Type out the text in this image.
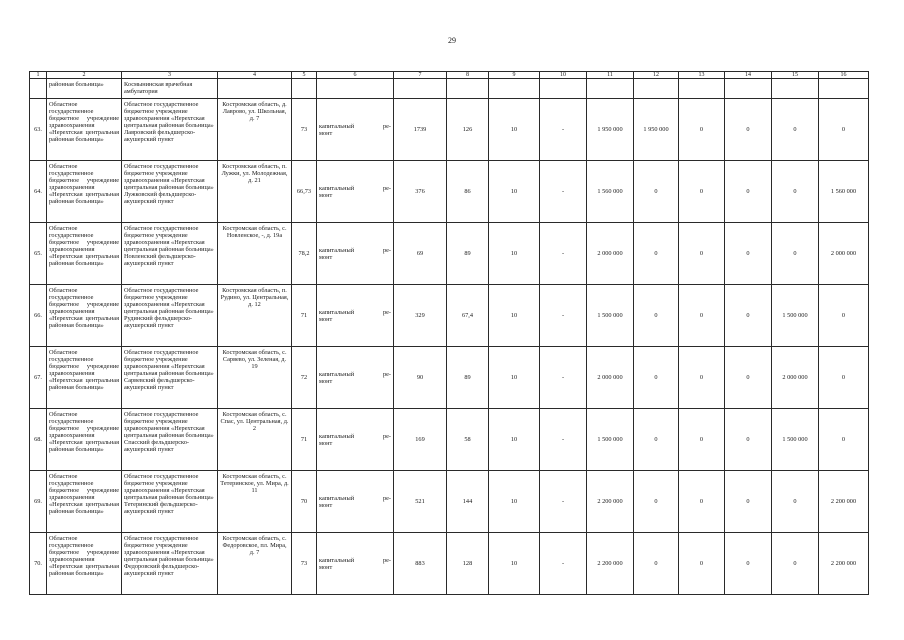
29
1	2	3	4	5	6	7	8	9	10	11	12	13	14	15	16
	районная больница»	Космынинская врачебная амбулатория													
63.	Областное государственное бюджетное учреждение здравоохранения «Нерехтская центральная районная больница»	Областное государственное бюджетное учреждение здравоохранения «Нерехтская центральная районная больница» Лавровский фельдшерско-акушерский пункт	Костромская область, д. Лаврово, ул. Школьная, д. 7	73	капитальный ре-
монт	1739	126	10	-	1 950 000	1 950 000	0	0	0	0
64.	Областное государственное бюджетное учреждение здравоохранения «Нерехтская центральная районная больница»	Областное государственное бюджетное учреждение здравоохранения «Нерехтская центральная районная больница» Лужковский фельдшерско-акушерский пункт	Костромская область, п. Лужки, ул. Молодежная, д. 21	66,73	капитальный ре-
монт	376	86	10	-	1 560 000	0	0	0	0	1 560 000
65.	Областное государственное бюджетное учреждение здравоохранения «Нерехтская центральная районная больница»	Областное государственное бюджетное учреждение здравоохранения «Нерехтская центральная районная больница» Новленский фельдшерско-акушерский пункт	Костромская область, с. Новленское, -, д. 19а	78,2	капитальный ре-
монт	69	89	10	-	2 000 000	0	0	0	0	2 000 000
66.	Областное государственное бюджетное учреждение здравоохранения «Нерехтская центральная районная больница»	Областное государственное бюджетное учреждение здравоохранения «Нерехтская центральная районная больница» Рудинский фельдшерско-акушерский пункт	Костромская область, п. Рудино, ул. Центральная, д. 12	71	капитальный ре-
монт	329	67,4	10	-	1 500 000	0	0	0	1 500 000	0
67.	Областное государственное бюджетное учреждение здравоохранения «Нерехтская центральная районная больница»	Областное государственное бюджетное учреждение здравоохранения «Нерехтская центральная районная больница» Сарвевский фельдшерско-акушерский пункт	Костромская область, с. Сарвево, ул. Зеленая, д. 19	72	капитальный ре-
монт	90	89	10	-	2 000 000	0	0	0	2 000 000	0
68.	Областное государственное бюджетное учреждение здравоохранения «Нерехтская центральная районная больница»	Областное государственное бюджетное учреждение здравоохранения «Нерехтская центральная районная больница» Спасский фельдшерско-акушерский пункт	Костромская область, с. Спас, ул. Центральная, д. 2	71	капитальный ре-
монт	169	58	10	-	1 500 000	0	0	0	1 500 000	0
69.	Областное государственное бюджетное учреждение здравоохранения «Нерехтская центральная районная больница»	Областное государственное бюджетное учреждение здравоохранения «Нерехтская центральная районная больница» Тетеринский фельдшерско-акушерский пункт	Костромская область, с. Тетеринское, ул. Мира, д. 11	70	капитальный ре-
монт	521	144	10	-	2 200 000	0	0	0	0	2 200 000
70.	Областное государственное бюджетное учреждение здравоохранения «Нерехтская центральная районная больница»	Областное государственное бюджетное учреждение здравоохранения «Нерехтская центральная районная больница» Федоровский фельдшерско-акушерский пункт	Костромская область, с. Федоровское, пл. Мира, д. 7	73	капитальный ре-
монт	883	128	10	-	2 200 000	0	0	0	0	2 200 000
